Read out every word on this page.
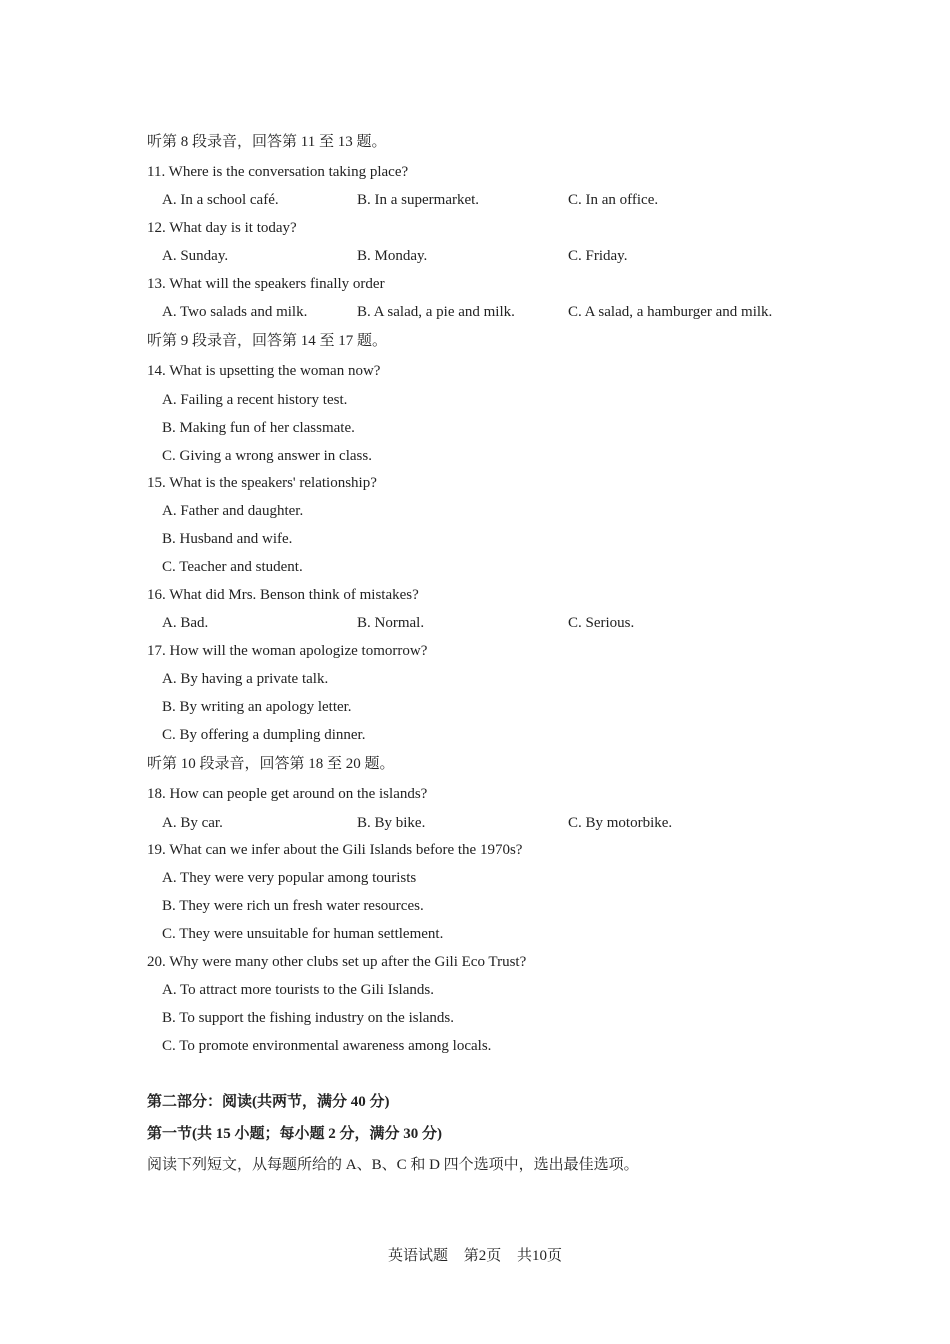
听第 8 段录音，回答第 11 至 13 题。
11. Where is the conversation taking place?
A. In a school café.	B. In a supermarket.	C. In an office.
12. What day is it today?
A. Sunday.	B. Monday.	C. Friday.
13. What will the speakers finally order
A. Two salads and milk.	B. A salad, a pie and milk.	C. A salad, a hamburger and milk.
听第 9 段录音，回答第 14 至 17 题。
14. What is upsetting the woman now?
A. Failing a recent history test.
B. Making fun of her classmate.
C. Giving a wrong answer in class.
15. What is the speakers' relationship?
A. Father and daughter.
B. Husband and wife.
C. Teacher and student.
16. What did Mrs. Benson think of mistakes?
A. Bad.	B. Normal.	C. Serious.
17. How will the woman apologize tomorrow?
A. By having a private talk.
B. By writing an apology letter.
C. By offering a dumpling dinner.
听第 10 段录音，回答第 18 至 20 题。
18. How can people get around on the islands?
A. By car.	B. By bike.	C. By motorbike.
19. What can we infer about the Gili Islands before the 1970s?
A. They were very popular among tourists
B. They were rich un fresh water resources.
C. They were unsuitable for human settlement.
20. Why were many other clubs set up after the Gili Eco Trust?
A. To attract more tourists to the Gili Islands.
B. To support the fishing industry on the islands.
C. To promote environmental awareness among locals.
第二部分：阅读(共两节，满分 40 分)
第一节(共 15 小题；每小题 2 分，满分 30 分)
阅读下列短文，从每题所给的 A、B、C 和 D 四个选项中，选出最佳选项。
英语试题 第2页 共10页
